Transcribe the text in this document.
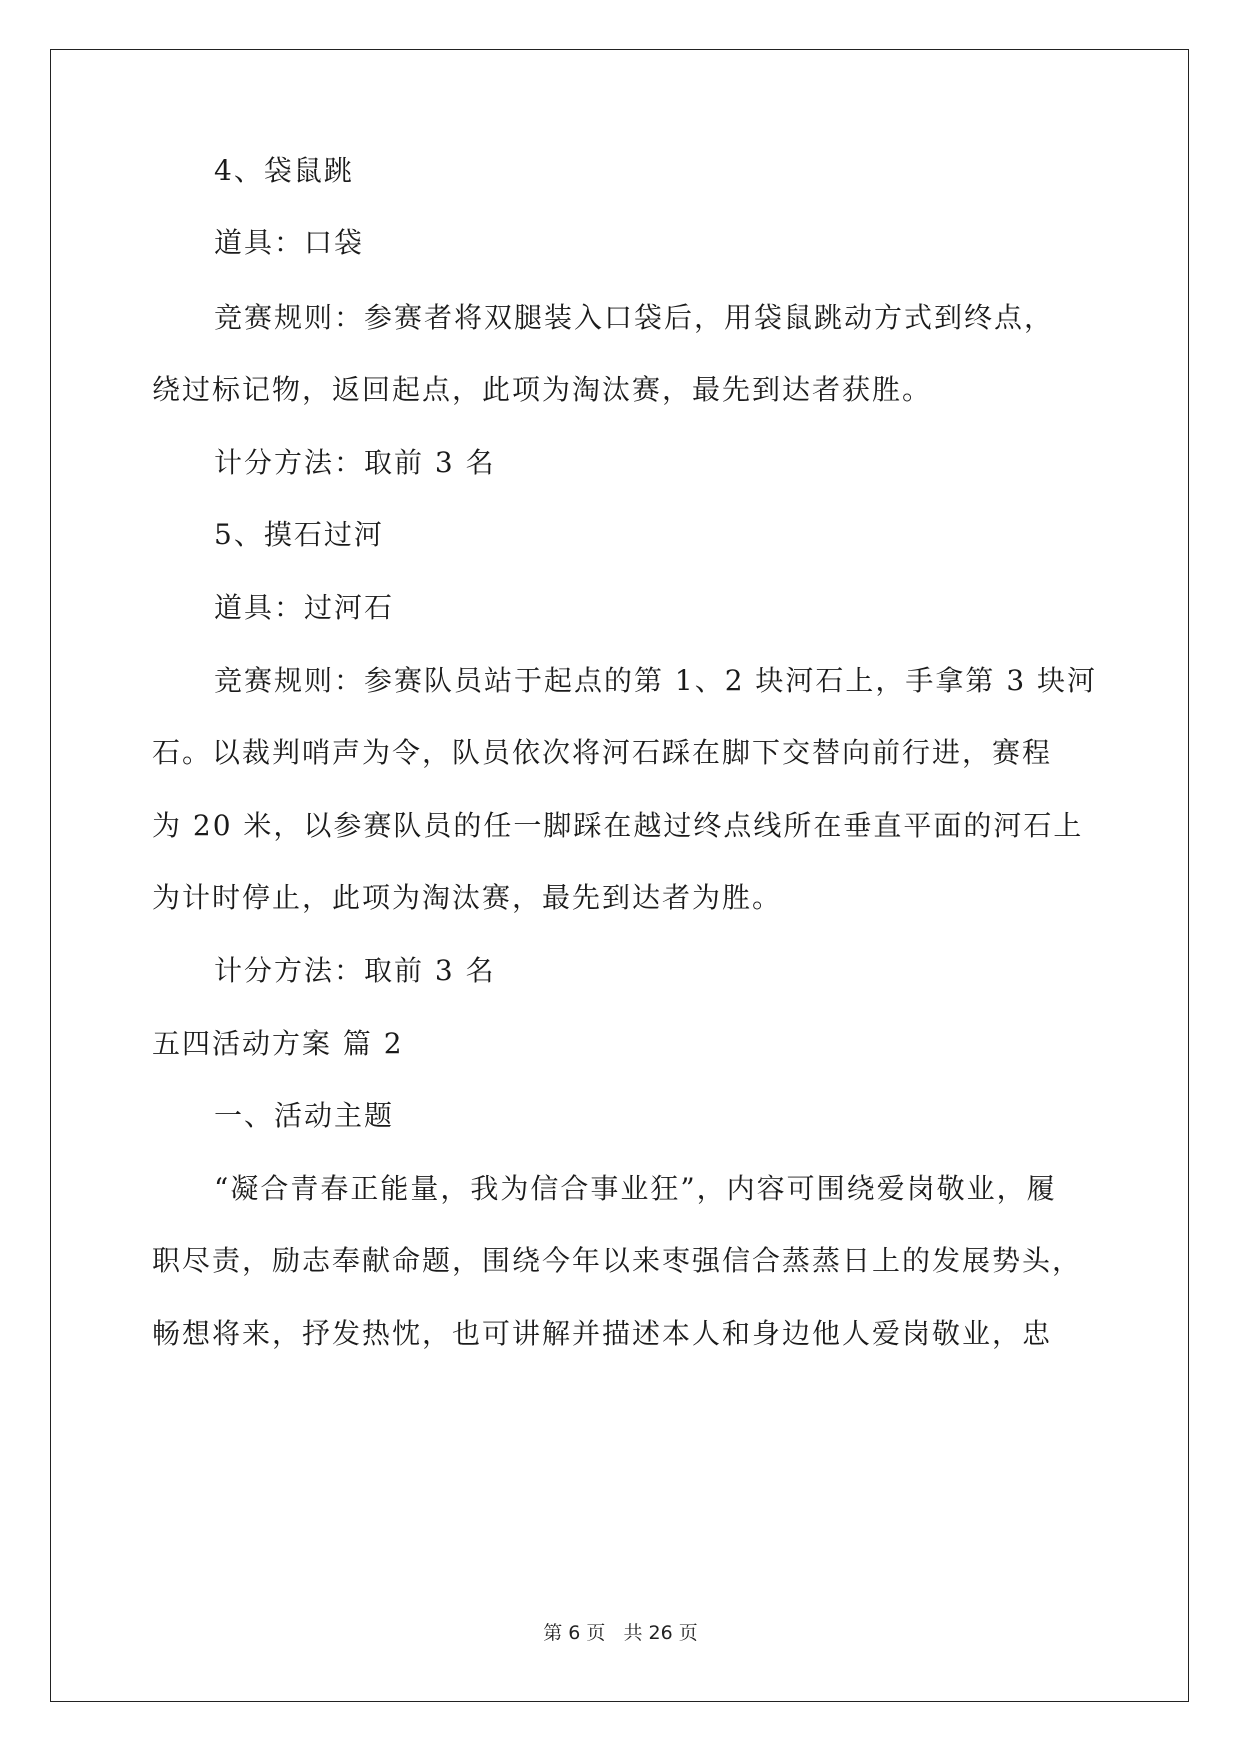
4、袋鼠跳
道具：口袋
竞赛规则：参赛者将双腿装入口袋后，用袋鼠跳动方式到终点，
绕过标记物，返回起点，此项为淘汰赛，最先到达者获胜。
计分方法：取前 3 名
5、摸石过河
道具：过河石
竞赛规则：参赛队员站于起点的第 1、2 块河石上，手拿第 3 块河
石。以裁判哨声为令，队员依次将河石踩在脚下交替向前行进，赛程
为 20 米，以参赛队员的任一脚踩在越过终点线所在垂直平面的河石上
为计时停止，此项为淘汰赛，最先到达者为胜。
计分方法：取前 3 名
五四活动方案 篇 2
一、活动主题
“凝合青春正能量，我为信合事业狂”，内容可围绕爱岗敬业，履
职尽责，励志奉献命题，围绕今年以来枣强信合蒸蒸日上的发展势头，
畅想将来，抒发热忱，也可讲解并描述本人和身边他人爱岗敬业，忠
第 6 页 共 26 页
